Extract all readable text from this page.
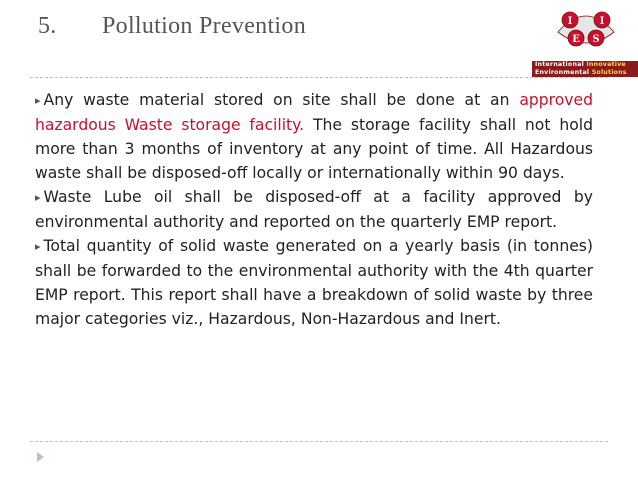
5. Pollution Prevention	I	I
E S
International Innovative
Environmental Solutions

▸ Any waste material stored on site shall be done at an approved hazardous Waste storage facility. The storage facility shall not hold more than 3 months of inventory at any point of time. All Hazardous waste shall be disposed-off locally or internationally within 90 days.

▸ Waste Lube oil shall be disposed-off at a facility approved by environmental authority and reported on the quarterly EMP report.

▸ Total quantity of solid waste generated on a yearly basis (in tonnes) shall be forwarded to the environmental authority with the 4th quarter EMP report. This report shall have a breakdown of solid waste by three major categories viz., Hazardous, Non-Hazardous and Inert.
